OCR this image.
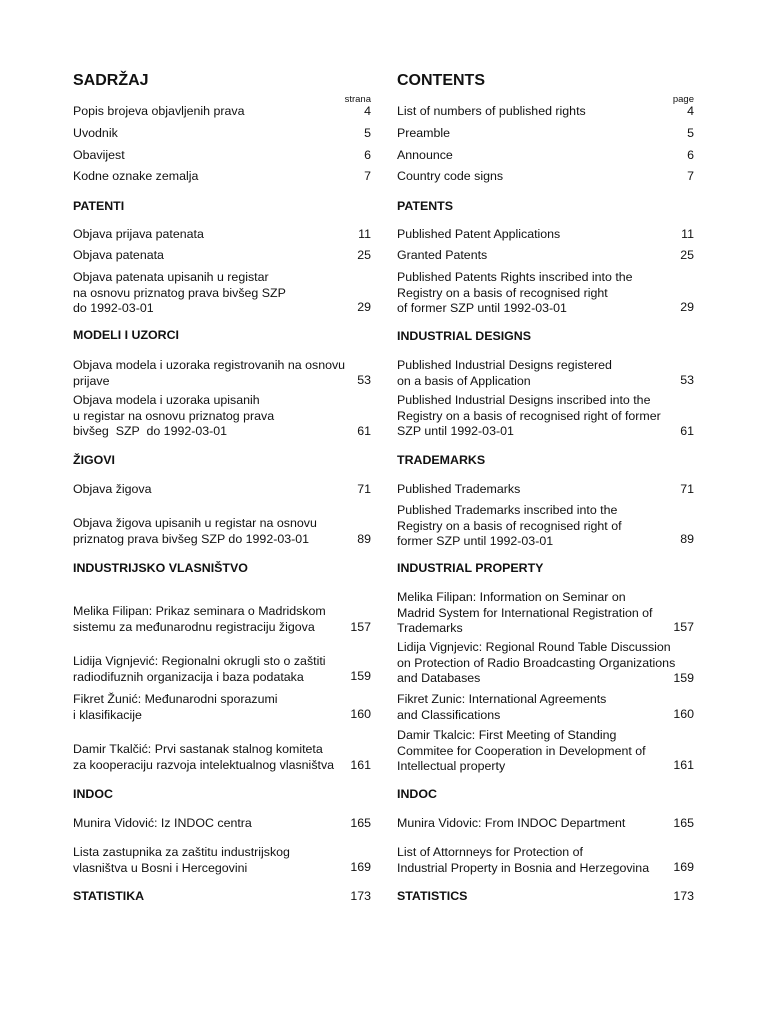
SADRŽAJ	CONTENTS
strana	page
Popis brojeva objavljenih prava	4 List of numbers of published rights	4
Uvodnik	5 Preamble	5
Obavijest	6 Announce	6
Kodne oznake zemalja	7 Country code signs	7
PATENTI	PATENTS
Objava prijava patenata	11 Published Patent Applications	11
Objava patenata	25 Granted Patents	25
Objava patenata upisanih u registar
na osnovu priznatog prava bivšeg SZP
do 1992-03-01	29
Published Patents Rights inscribed into the
Registry on a basis of recognised right
of former SZP until 1992-03-01	29
MODELI I UZORCI	INDUSTRIAL DESIGNS
Objava modela i uzoraka registrovanih na osnovu
prijave	53
Published Industrial Designs registered
on a basis of Application	53
Objava modela i uzoraka upisanih
u registar na osnovu priznatog prava
bivšeg  SZP  do 1992-03-01	61
Published Industrial Designs inscribed into the
Registry on a basis of recognised right of former
SZP until 1992-03-01	61
ŽIGOVI	TRADEMARKS
Objava žigova	71 Published Trademarks	71
Objava žigova upisanih u registar na osnovu
priznatog prava bivšeg SZP do 1992-03-01	89
Published Trademarks inscribed into the
Registry on a basis of recognised right of
former SZP until 1992-03-01	89
INDUSTRIJSKO VLASNIŠTVO	INDUSTRIAL PROPERTY
Melika Filipan: Prikaz seminara o Madridskom
sistemu za međunarodnu registraciju žigova	157
Melika Filipan: Information on Seminar on
Madrid System for International Registration of
Trademarks	157
Lidija Vignjević: Regionalni okrugli sto o zaštiti
radiodifuznih organizacija i baza podataka	159
Lidija Vignjevic: Regional Round Table Discussion
on Protection of Radio Broadcasting Organizations
and Databases	159
Fikret Žunić: Međunarodni sporazumi
i klasifikacije	160
Fikret Zunic: International Agreements
and Classifications	160
Damir Tkalčić: Prvi sastanak stalnog komiteta
za kooperaciju razvoja intelektualnog vlasništva	161
Damir Tkalcic: First Meeting of Standing
Commitee for Cooperation in Development of
Intellectual property	161
INDOC	INDOC
Munira Vidović: Iz INDOC centra	165 Munira Vidovic: From INDOC Department	165
Lista zastupnika za zaštitu industrijskog
vlasništva u Bosni i Hercegovini	169
List of Attornneys for Protection of
Industrial Property in Bosnia and Herzegovina	169
STATISTIKA	173 STATISTICS	173
